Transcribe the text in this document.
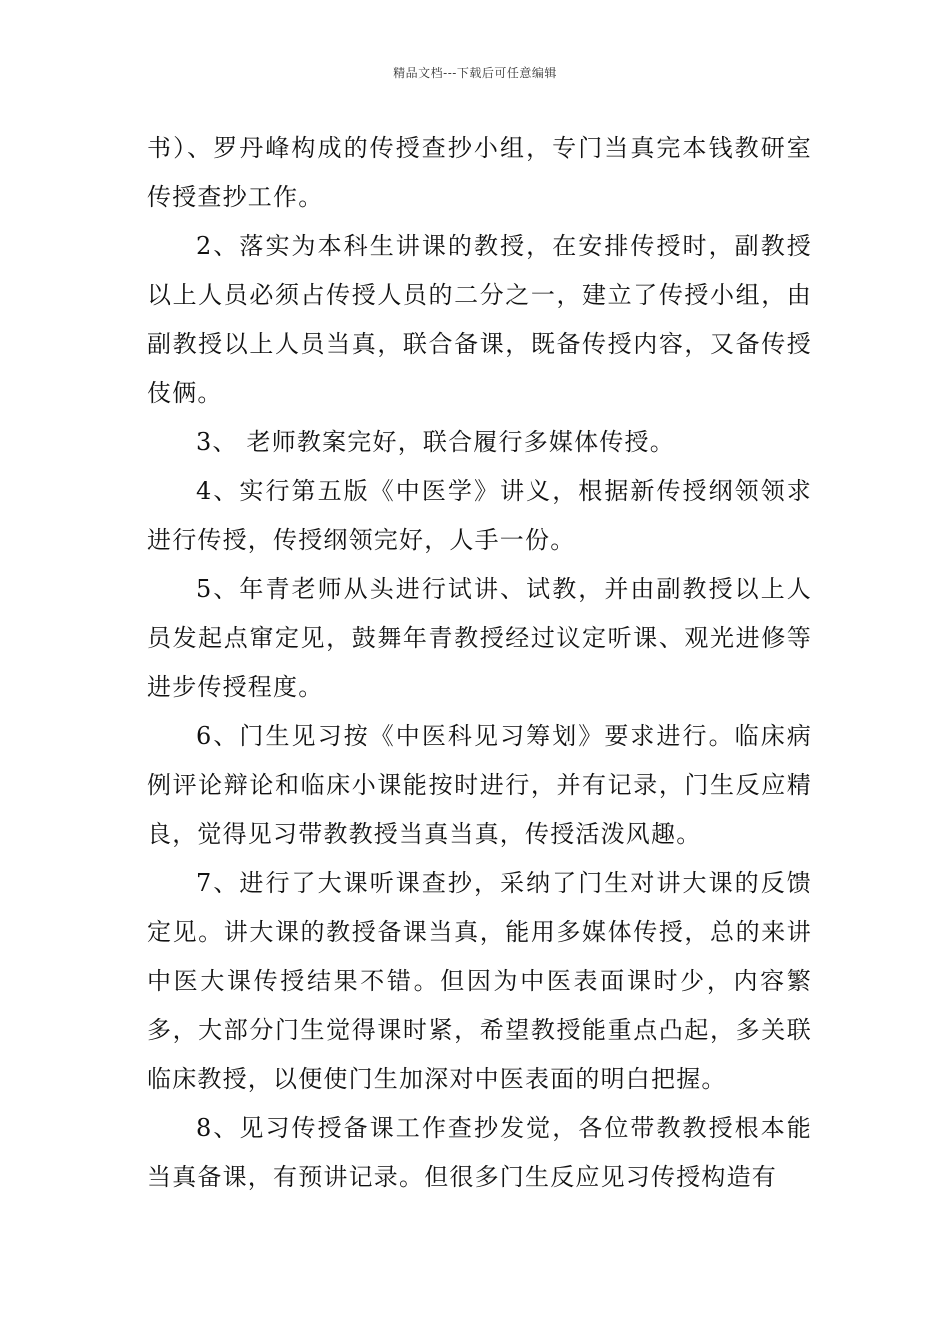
精品文档---下载后可任意编辑

书）、罗丹峰构成的传授查抄小组，专门当真完本钱教研室传授查抄工作。

2、落实为本科生讲课的教授，在安排传授时，副教授以上人员必须占传授人员的二分之一，建立了传授小组，由副教授以上人员当真，联合备课，既备传授内容，又备传授伎俩。

3、 老师教案完好，联合履行多媒体传授。

4、实行第五版《中医学》讲义，根据新传授纲领领求进行传授，传授纲领完好，人手一份。

5、年青老师从头进行试讲、试教，并由副教授以上人员发起点窜定见，鼓舞年青教授经过议定听课、观光进修等进步传授程度。

6、门生见习按《中医科见习筹划》要求进行。临床病例评论辩论和临床小课能按时进行，并有记录，门生反应精良，觉得见习带教教授当真当真，传授活泼风趣。

7、进行了大课听课查抄，采纳了门生对讲大课的反馈定见。讲大课的教授备课当真，能用多媒体传授，总的来讲中医大课传授结果不错。但因为中医表面课时少，内容繁多，大部分门生觉得课时紧，希望教授能重点凸起，多关联临床教授，以便使门生加深对中医表面的明白把握。

8、见习传授备课工作查抄发觉，各位带教教授根本能当真备课，有预讲记录。但很多门生反应见习传授构造有
